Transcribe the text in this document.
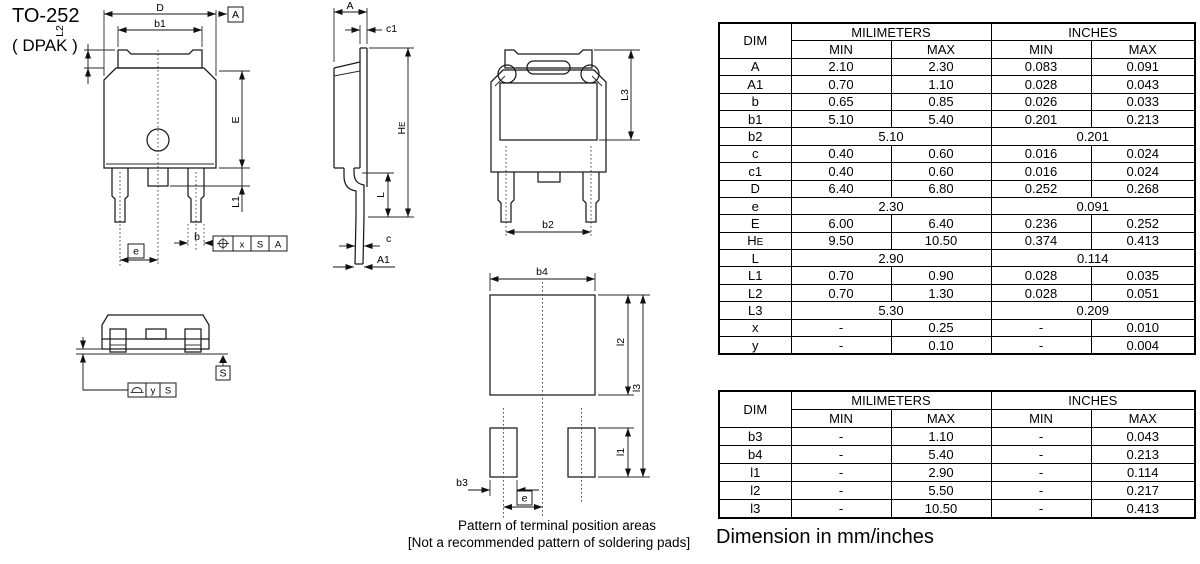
TO-252
( DPAK )
D
b1
L2
E
L1
b
e
A
x S A
A
c1
HE
L
c
A1
L3
b2
S
y S
b4
l2
l3
l1
b3
e
Pattern of terminal position areas
[Not a recommended pattern of soldering pads]
DIM	MILIMETERS		INCHES	
	MIN	MAX	MIN	MAX
A	2.10	2.30	0.083	0.091
A1	0.70	1.10	0.028	0.043
b	0.65	0.85	0.026	0.033
b1	5.10	5.40	0.201	0.213
b2	5.10		0.201	
c	0.40	0.60	0.016	0.024
c1	0.40	0.60	0.016	0.024
D	6.40	6.80	0.252	0.268
e	2.30		0.091	
E	6.00	6.40	0.236	0.252
HE	9.50	10.50	0.374	0.413
L	2.90		0.114	
L1	0.70	0.90	0.028	0.035
L2	0.70	1.30	0.028	0.051
L3	5.30		0.209	
x	-	0.25	-	0.010
y	-	0.10	-	0.004
DIM	MILIMETERS		INCHES	
	MIN	MAX	MIN	MAX
b3	-	1.10	-	0.043
b4	-	5.40	-	0.213
l1	-	2.90	-	0.114
l2	-	5.50	-	0.217
l3	-	10.50	-	0.413
Dimension in mm/inches
